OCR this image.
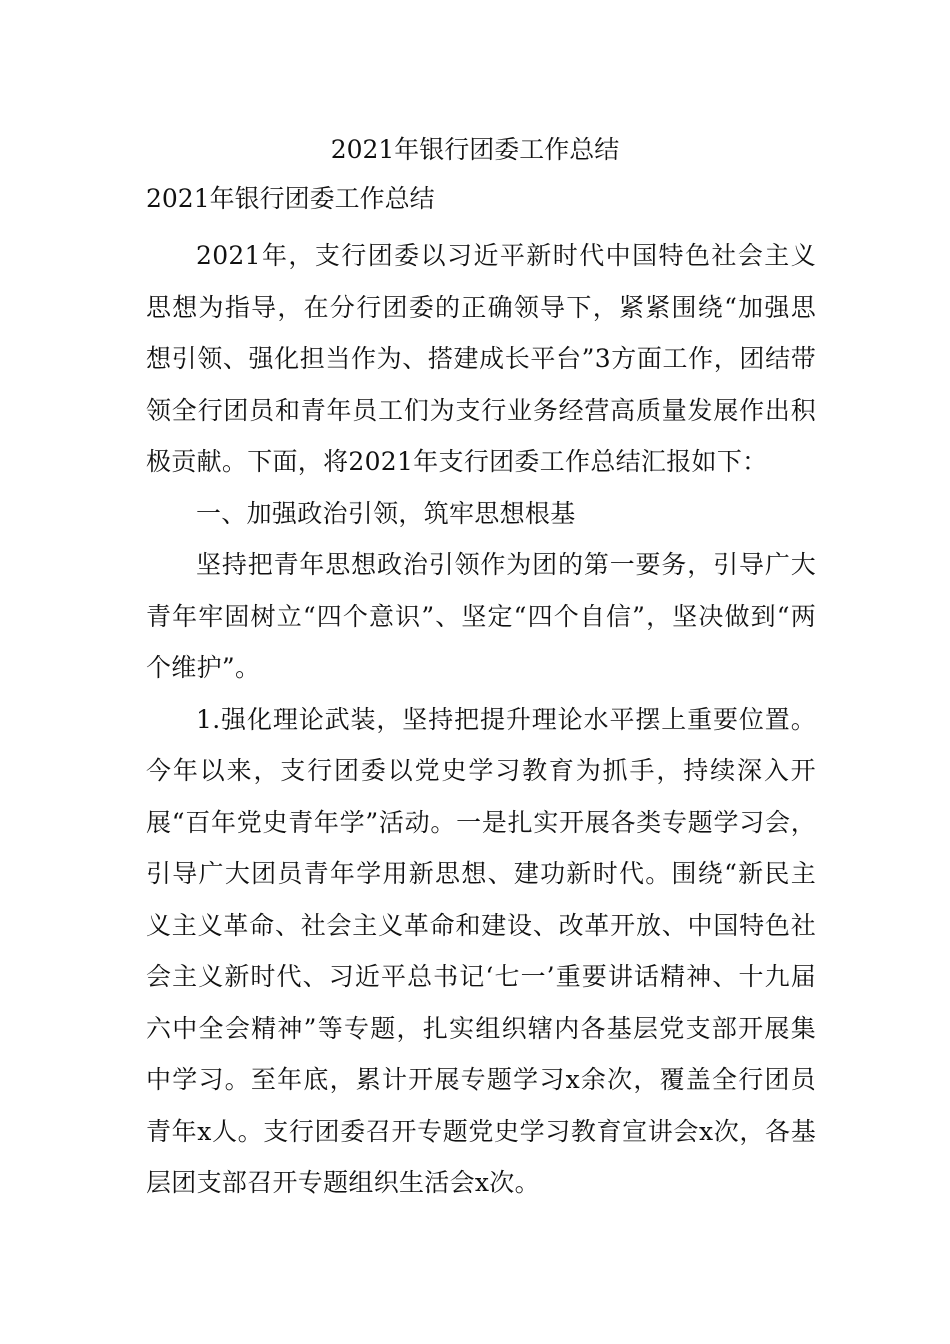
2021年银行团委工作总结
2021年银行团委工作总结

2021年，支行团委以习近平新时代中国特色社会主义思想为指导，在分行团委的正确领导下，紧紧围绕“加强思想引领、强化担当作为、搭建成长平台”3方面工作，团结带领全行团员和青年员工们为支行业务经营高质量发展作出积极贡献。下面，将2021年支行团委工作总结汇报如下：

一、加强政治引领，筑牢思想根基

坚持把青年思想政治引领作为团的第一要务，引导广大青年牢固树立“四个意识”、坚定“四个自信”，坚决做到“两个维护”。

1.强化理论武装，坚持把提升理论水平摆上重要位置。今年以来，支行团委以党史学习教育为抓手，持续深入开展“百年党史青年学”活动。一是扎实开展各类专题学习会，引导广大团员青年学用新思想、建功新时代。围绕“新民主义主义革命、社会主义革命和建设、改革开放、中国特色社会主义新时代、习近平总书记‘七一’重要讲话精神、十九届六中全会精神”等专题，扎实组织辖内各基层党支部开展集中学习。至年底，累计开展专题学习x余次，覆盖全行团员青年x人。支行团委召开专题党史学习教育宣讲会x次，各基层团支部召开专题组织生活会x次。
